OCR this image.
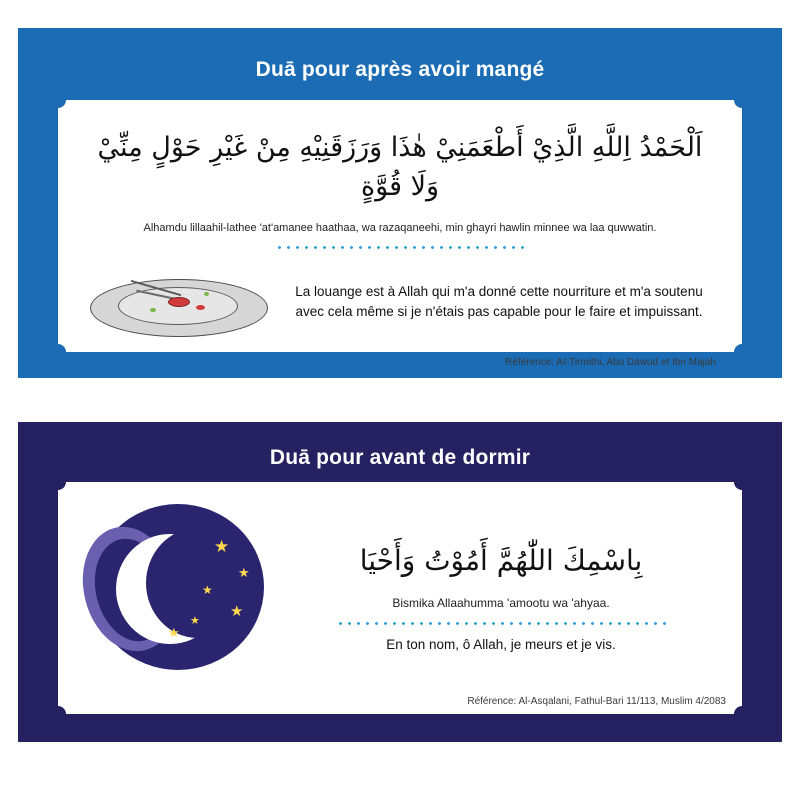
Duā pour après avoir mangé
اَلْحَمْدُ اِللَّهِ الَّذِيْ أَطْعَمَنِيْ هٰذَا وَرَزَقَنِيْهِ مِنْ غَيْرِ حَوْلٍ مِنِّيْ وَلَا قُوَّةٍ
Alhamdu lillaahil-lathee 'at'amanee haathaa, wa razaqaneehi, min ghayri hawlin minnee wa laa quwwatin.
La louange est à Allah qui m'a donné cette nourriture et m'a soutenu avec cela même si je n'étais pas capable pour le faire et impuissant.
Référence: At-Tirmithi, Abu Dawud et Ibn Majah
Duā pour avant de dormir
★
★
★
★
★
★
بِاسْمِكَ اللّٰهُمَّ أَمُوْتُ وَأَحْيَا
Bismika Allaahumma 'amootu wa 'ahyaa.
En ton nom, ô Allah, je meurs et je vis.
Référence: Al-Asqalani, Fathul-Bari 11/113, Muslim 4/2083
